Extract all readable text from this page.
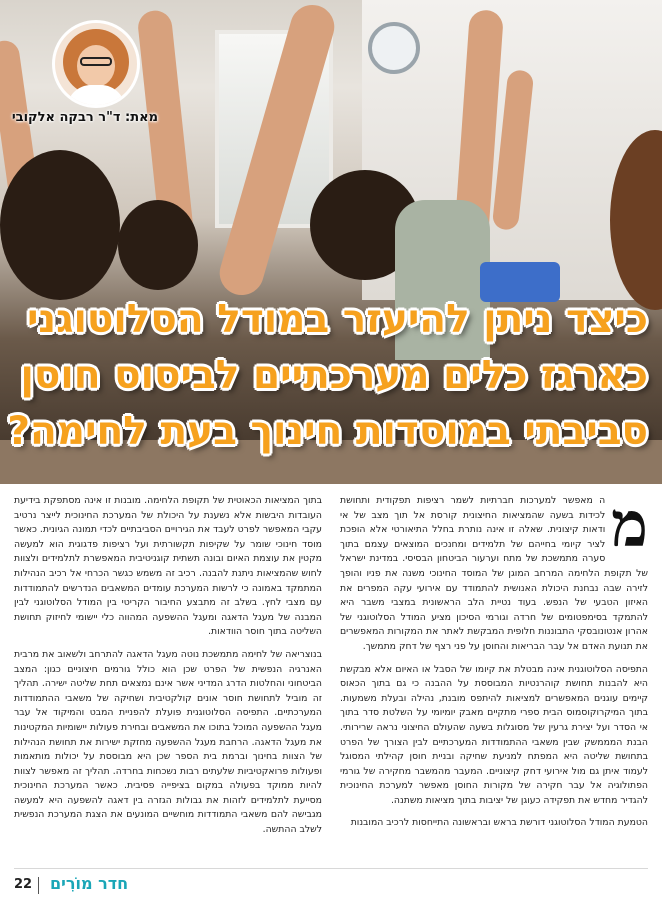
מאת: ד"ר רבקה אלקובי
כיצד ניתן להיעזר במודל הסלוטוגני
כארגז כלים מערכתיים לביסוס חוסן
סביבתי במוסדות חינוך בעת לחימה?
מ

ה מאפשר למערכות חברתיות לשמר רציפות תפקודית ותחושת לכידות בשעה שהמציאות החיצונית קורסת אל תוך מצב של אי ודאות קיצונית. שאלה זו אינה נותרת בחלל התיאורטי אלא הופכת לציר קיומי בחייהם של תלמידים ומחנכים המוצאים עצמם בתוך סערה מתמשכת של מתח וערעור הביטחון הבסיסי. במדינת ישראל של תקופת הלחימה המרחב המוגן של המוסד החינוכי משנה את פניו והופך לזירה שבה נבחנת היכולת האנושית להתמודד עם אירועי עקה המפרים את האיזון הטבעי של הנפש. בעוד נטיית הלב הראשונית במצבי משבר היא להתמקד בסימפטומים של חרדה וגורמי הסיכון מציע המודל הסלוטוגני של אהרון אנטונובסקי התבוננות חלופית המבקשת לאתר את המקורות המאפשרים את תנועת האדם אל עבר הבריאות והחוסן על פני רצף של דחק מתמשך.

התפיסה הסלוטוגנית אינה מבטלת את קיומו של הסבל או האיום אלא מבקשת היא להבנות תחושת קוהרנטיות המבוססת על ההבנה כי גם בתוך הכאוס קיימים עוגנים המאפשרים למציאות להיתפס מובנת, נהילה ובעלת משמעות. בתוך המיקרוקוסמוס הבית ספרי מתקיים מאבק יומיומי על השלטת סדר בתוך אי הסדר ועל יצירת גרעין של מסוגלות בשעה שהעולם החיצוני נראה שרירותי. הבנת המממשק שבין משאבי ההתמודדות המערכתיים לבין הצורך של הפרט בתחושת שליטה היא המפתח למניעת שחיקה ובניית חוסן קהילתי המסוגל לעמוד איתן גם מול אירועי דחק קיצוניים. המעבר מהמשבר מחקירה של גורמי הפתולוגיה אל עבר חקירה של מקורות החוסן מאפשר למערכת החינוכית להגדיר מחדש את תפקידה כעוגן של יציבות בתוך מציאות משתנה.

הטמעת המודל הסלוטוגני דורשת בראש ובראשונה התייחסות לרכיב המובנות

בתוך המציאות הכאוטית של תקופת הלחימה. מובנות זו אינה מסתפקת בידיעת העובדות היבשות אלא נשענת על היכולת של המערכת החינוכית לייצר נרטיב עקבי המאפשר לפרט לעבד את הגירויים הסביבתיים לכדי תמונה הגיונית. כאשר מוסד חינוכי שומר על שקיפות תקשורתית ועל רציפות פדגוגית הוא למעשה מקטין את עוצמת האיום ובונה תשתית קוגניטיבית המאפשרת לתלמידים ולצוות לחוש שהמציאות ניתנת להבנה. רכיב זה משמש כגשר הכרחי אל רכיב הנהילות המתמקד באמונה כי לרשות המערכת עומדים המשאבים הנדרשים להתמודדות עם מצבי לחץ. בשלב זה מתבצע החיבור הקריטי בין המודל הסלוטוגני לבין המבנה של מעגל הדאגה ומעגל ההשפעה המהווה כלי יישומי לחיזוק תחושת השליטה בתוך חוסר הוודאות.

בנוצריאה של לחימה מתמשכת נוטה מעגל הדאגה להתרחב ולשאוב את מרבית האנרגיה הנפשית של הפרט שכן הוא כולל גורמים חיצוניים כגון: המצב הביטחוני והחלטות הדרג המדיני אשר אינם נמצאים תחת שליטה ישירה. תהליך זה מוביל לתחושת חוסר אונים קולקטיבית ושחיקה של משאבי ההתמודדות המערכתיים. התפיסה הסלוטוגנית פועלת להפניית המבט והמיקוד אל עבר מעגל ההשפעה המוכל בתוכו את המשאבים ובחירת פעולות יישומיות המקטינות את מעגל הדאגה. הרחבת מעגל ההשפעה מחזקת ישירות את תחושת הנהילות של הצוות בחינוך וברמת בית הספר שכן היא מבוססת על יכולות מותאמות ופעולות פרואקטיביות שלעתים רבות נשכחות בחרדה. תהליך זה מאפשר לצוות להיות ממוקד בפעולה במקום בציפייה פסיבית. כאשר המערכת החינוכית מסייעת לתלמידים לזהות את גבולות הגזרה בין דאגה להשפעה היא למעשה מגבישה להם משאבי התמודדות מוחשיים המונעים את הצגת המערכת הנפשית לשלב ההתשה.

22 חדר מוֹרִים
